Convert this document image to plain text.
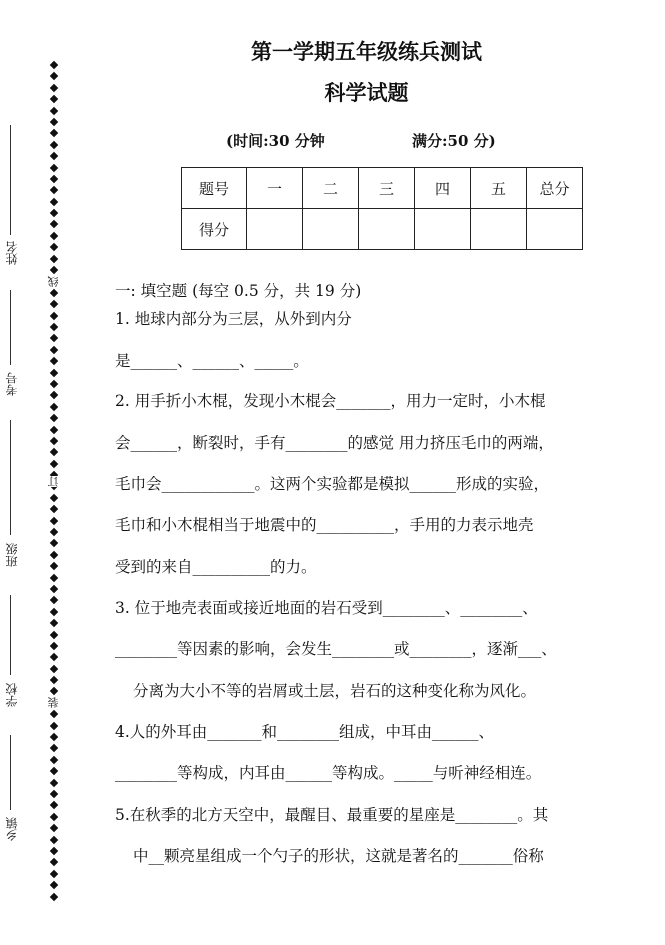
姓名
考号
班级
学校
乡镇
线
订
装
第一学期五年级练兵测试
科学试题
(时间:30 分钟	满分:50 分)
题号	一	二	三	四	五	总分
得分						
一: 填空题 (每空 0.5 分，共 19 分)
1. 地球内部分为三层，从外到内分
是______、______、_____。
2. 用手折小木棍，发现小木棍会_______，用力一定时，小木棍
会______，断裂时，手有________的感觉 用力挤压毛巾的两端，
毛巾会____________。这两个实验都是模拟______形成的实验，
毛巾和小木棍相当于地震中的__________，手用的力表示地壳
受到的来自__________的力。
3. 位于地壳表面或接近地面的岩石受到________、________、
________等因素的影响，会发生________或________，逐渐___、
分离为大小不等的岩屑或土层，岩石的这种变化称为风化。
4.人的外耳由_______和________组成，中耳由______、
________等构成，内耳由______等构成。_____与听神经相连。
5.在秋季的北方天空中，最醒目、最重要的星座是________。其
中__颗亮星组成一个勺子的形状，这就是著名的_______俗称
